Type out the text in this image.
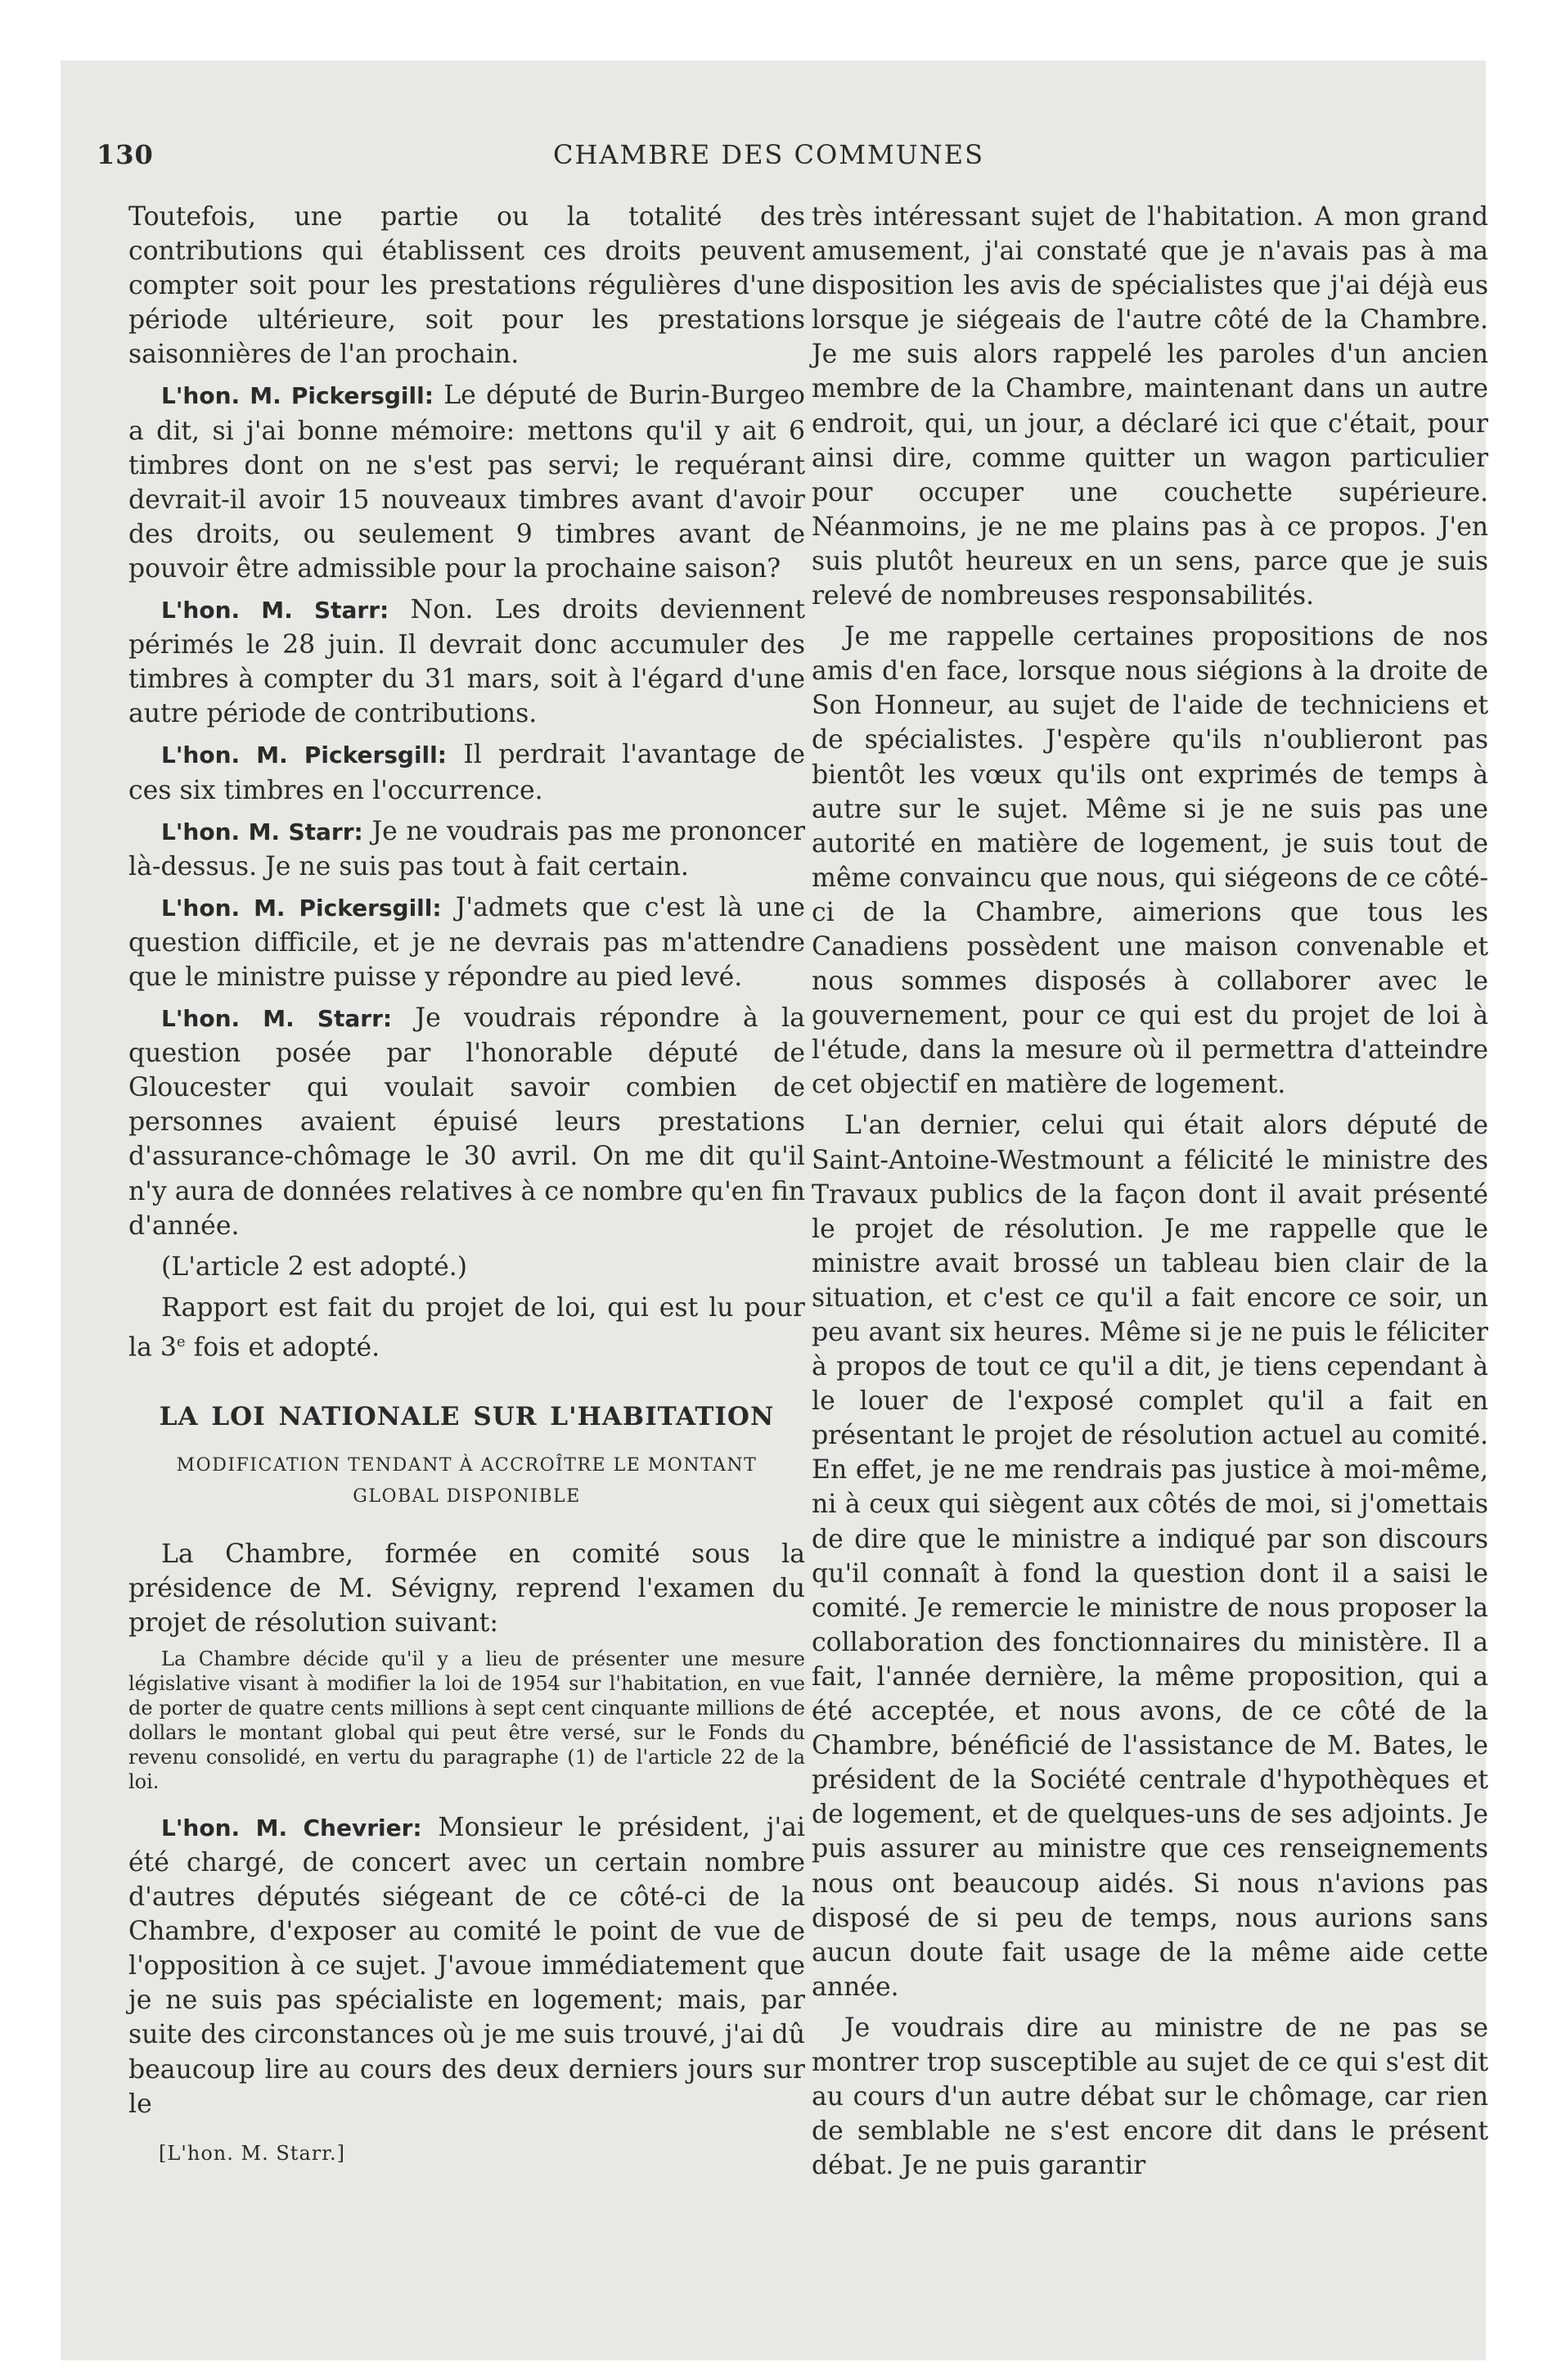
130	CHAMBRE DES COMMUNES

Toutefois, une partie ou la totalité des contributions qui établissent ces droits peuvent compter soit pour les prestations régulières d'une période ultérieure, soit pour les prestations saisonnières de l'an prochain.

L'hon. M. Pickersgill: Le député de Burin-Burgeo a dit, si j'ai bonne mémoire: mettons qu'il y ait 6 timbres dont on ne s'est pas servi; le requérant devrait-il avoir 15 nouveaux timbres avant d'avoir des droits, ou seulement 9 timbres avant de pouvoir être admissible pour la prochaine saison?

L'hon. M. Starr: Non. Les droits deviennent périmés le 28 juin. Il devrait donc accumuler des timbres à compter du 31 mars, soit à l'égard d'une autre période de contributions.

L'hon. M. Pickersgill: Il perdrait l'avantage de ces six timbres en l'occurrence.

L'hon. M. Starr: Je ne voudrais pas me prononcer là-dessus. Je ne suis pas tout à fait certain.

L'hon. M. Pickersgill: J'admets que c'est là une question difficile, et je ne devrais pas m'attendre que le ministre puisse y répondre au pied levé.

L'hon. M. Starr: Je voudrais répondre à la question posée par l'honorable député de Gloucester qui voulait savoir combien de personnes avaient épuisé leurs prestations d'assurance-chômage le 30 avril. On me dit qu'il n'y aura de données relatives à ce nombre qu'en fin d'année.

(L'article 2 est adopté.)

Rapport est fait du projet de loi, qui est lu pour la 3e fois et adopté.

LA LOI NATIONALE SUR L'HABITATION
MODIFICATION TENDANT À ACCROÎTRE LE MONTANT GLOBAL DISPONIBLE

La Chambre, formée en comité sous la présidence de M. Sévigny, reprend l'examen du projet de résolution suivant:

La Chambre décide qu'il y a lieu de présenter une mesure législative visant à modifier la loi de 1954 sur l'habitation, en vue de porter de quatre cents millions à sept cent cinquante millions de dollars le montant global qui peut être versé, sur le Fonds du revenu consolidé, en vertu du paragraphe (1) de l'article 22 de la loi.

L'hon. M. Chevrier: Monsieur le président, j'ai été chargé, de concert avec un certain nombre d'autres députés siégeant de ce côté-ci de la Chambre, d'exposer au comité le point de vue de l'opposition à ce sujet. J'avoue immédiatement que je ne suis pas spécialiste en logement; mais, par suite des circonstances où je me suis trouvé, j'ai dû beaucoup lire au cours des deux derniers jours sur le

[L'hon. M. Starr.]

très intéressant sujet de l'habitation. A mon grand amusement, j'ai constaté que je n'avais pas à ma disposition les avis de spécialistes que j'ai déjà eus lorsque je siégeais de l'autre côté de la Chambre. Je me suis alors rappelé les paroles d'un ancien membre de la Chambre, maintenant dans un autre endroit, qui, un jour, a déclaré ici que c'était, pour ainsi dire, comme quitter un wagon particulier pour occuper une couchette supérieure. Néanmoins, je ne me plains pas à ce propos. J'en suis plutôt heureux en un sens, parce que je suis relevé de nombreuses responsabilités.

Je me rappelle certaines propositions de nos amis d'en face, lorsque nous siégions à la droite de Son Honneur, au sujet de l'aide de techniciens et de spécialistes. J'espère qu'ils n'oublieront pas bientôt les vœux qu'ils ont exprimés de temps à autre sur le sujet. Même si je ne suis pas une autorité en matière de logement, je suis tout de même convaincu que nous, qui siégeons de ce côté-ci de la Chambre, aimerions que tous les Canadiens possèdent une maison convenable et nous sommes disposés à collaborer avec le gouvernement, pour ce qui est du projet de loi à l'étude, dans la mesure où il permettra d'atteindre cet objectif en matière de logement.

L'an dernier, celui qui était alors député de Saint-Antoine-Westmount a félicité le ministre des Travaux publics de la façon dont il avait présenté le projet de résolution. Je me rappelle que le ministre avait brossé un tableau bien clair de la situation, et c'est ce qu'il a fait encore ce soir, un peu avant six heures. Même si je ne puis le féliciter à propos de tout ce qu'il a dit, je tiens cependant à le louer de l'exposé complet qu'il a fait en présentant le projet de résolution actuel au comité. En effet, je ne me rendrais pas justice à moi-même, ni à ceux qui siègent aux côtés de moi, si j'omettais de dire que le ministre a indiqué par son discours qu'il connaît à fond la question dont il a saisi le comité. Je remercie le ministre de nous proposer la collaboration des fonctionnaires du ministère. Il a fait, l'année dernière, la même proposition, qui a été acceptée, et nous avons, de ce côté de la Chambre, bénéficié de l'assistance de M. Bates, le président de la Société centrale d'hypothèques et de logement, et de quelques-uns de ses adjoints. Je puis assurer au ministre que ces renseignements nous ont beaucoup aidés. Si nous n'avions pas disposé de si peu de temps, nous aurions sans aucun doute fait usage de la même aide cette année.

Je voudrais dire au ministre de ne pas se montrer trop susceptible au sujet de ce qui s'est dit au cours d'un autre débat sur le chômage, car rien de semblable ne s'est encore dit dans le présent débat. Je ne puis garantir
